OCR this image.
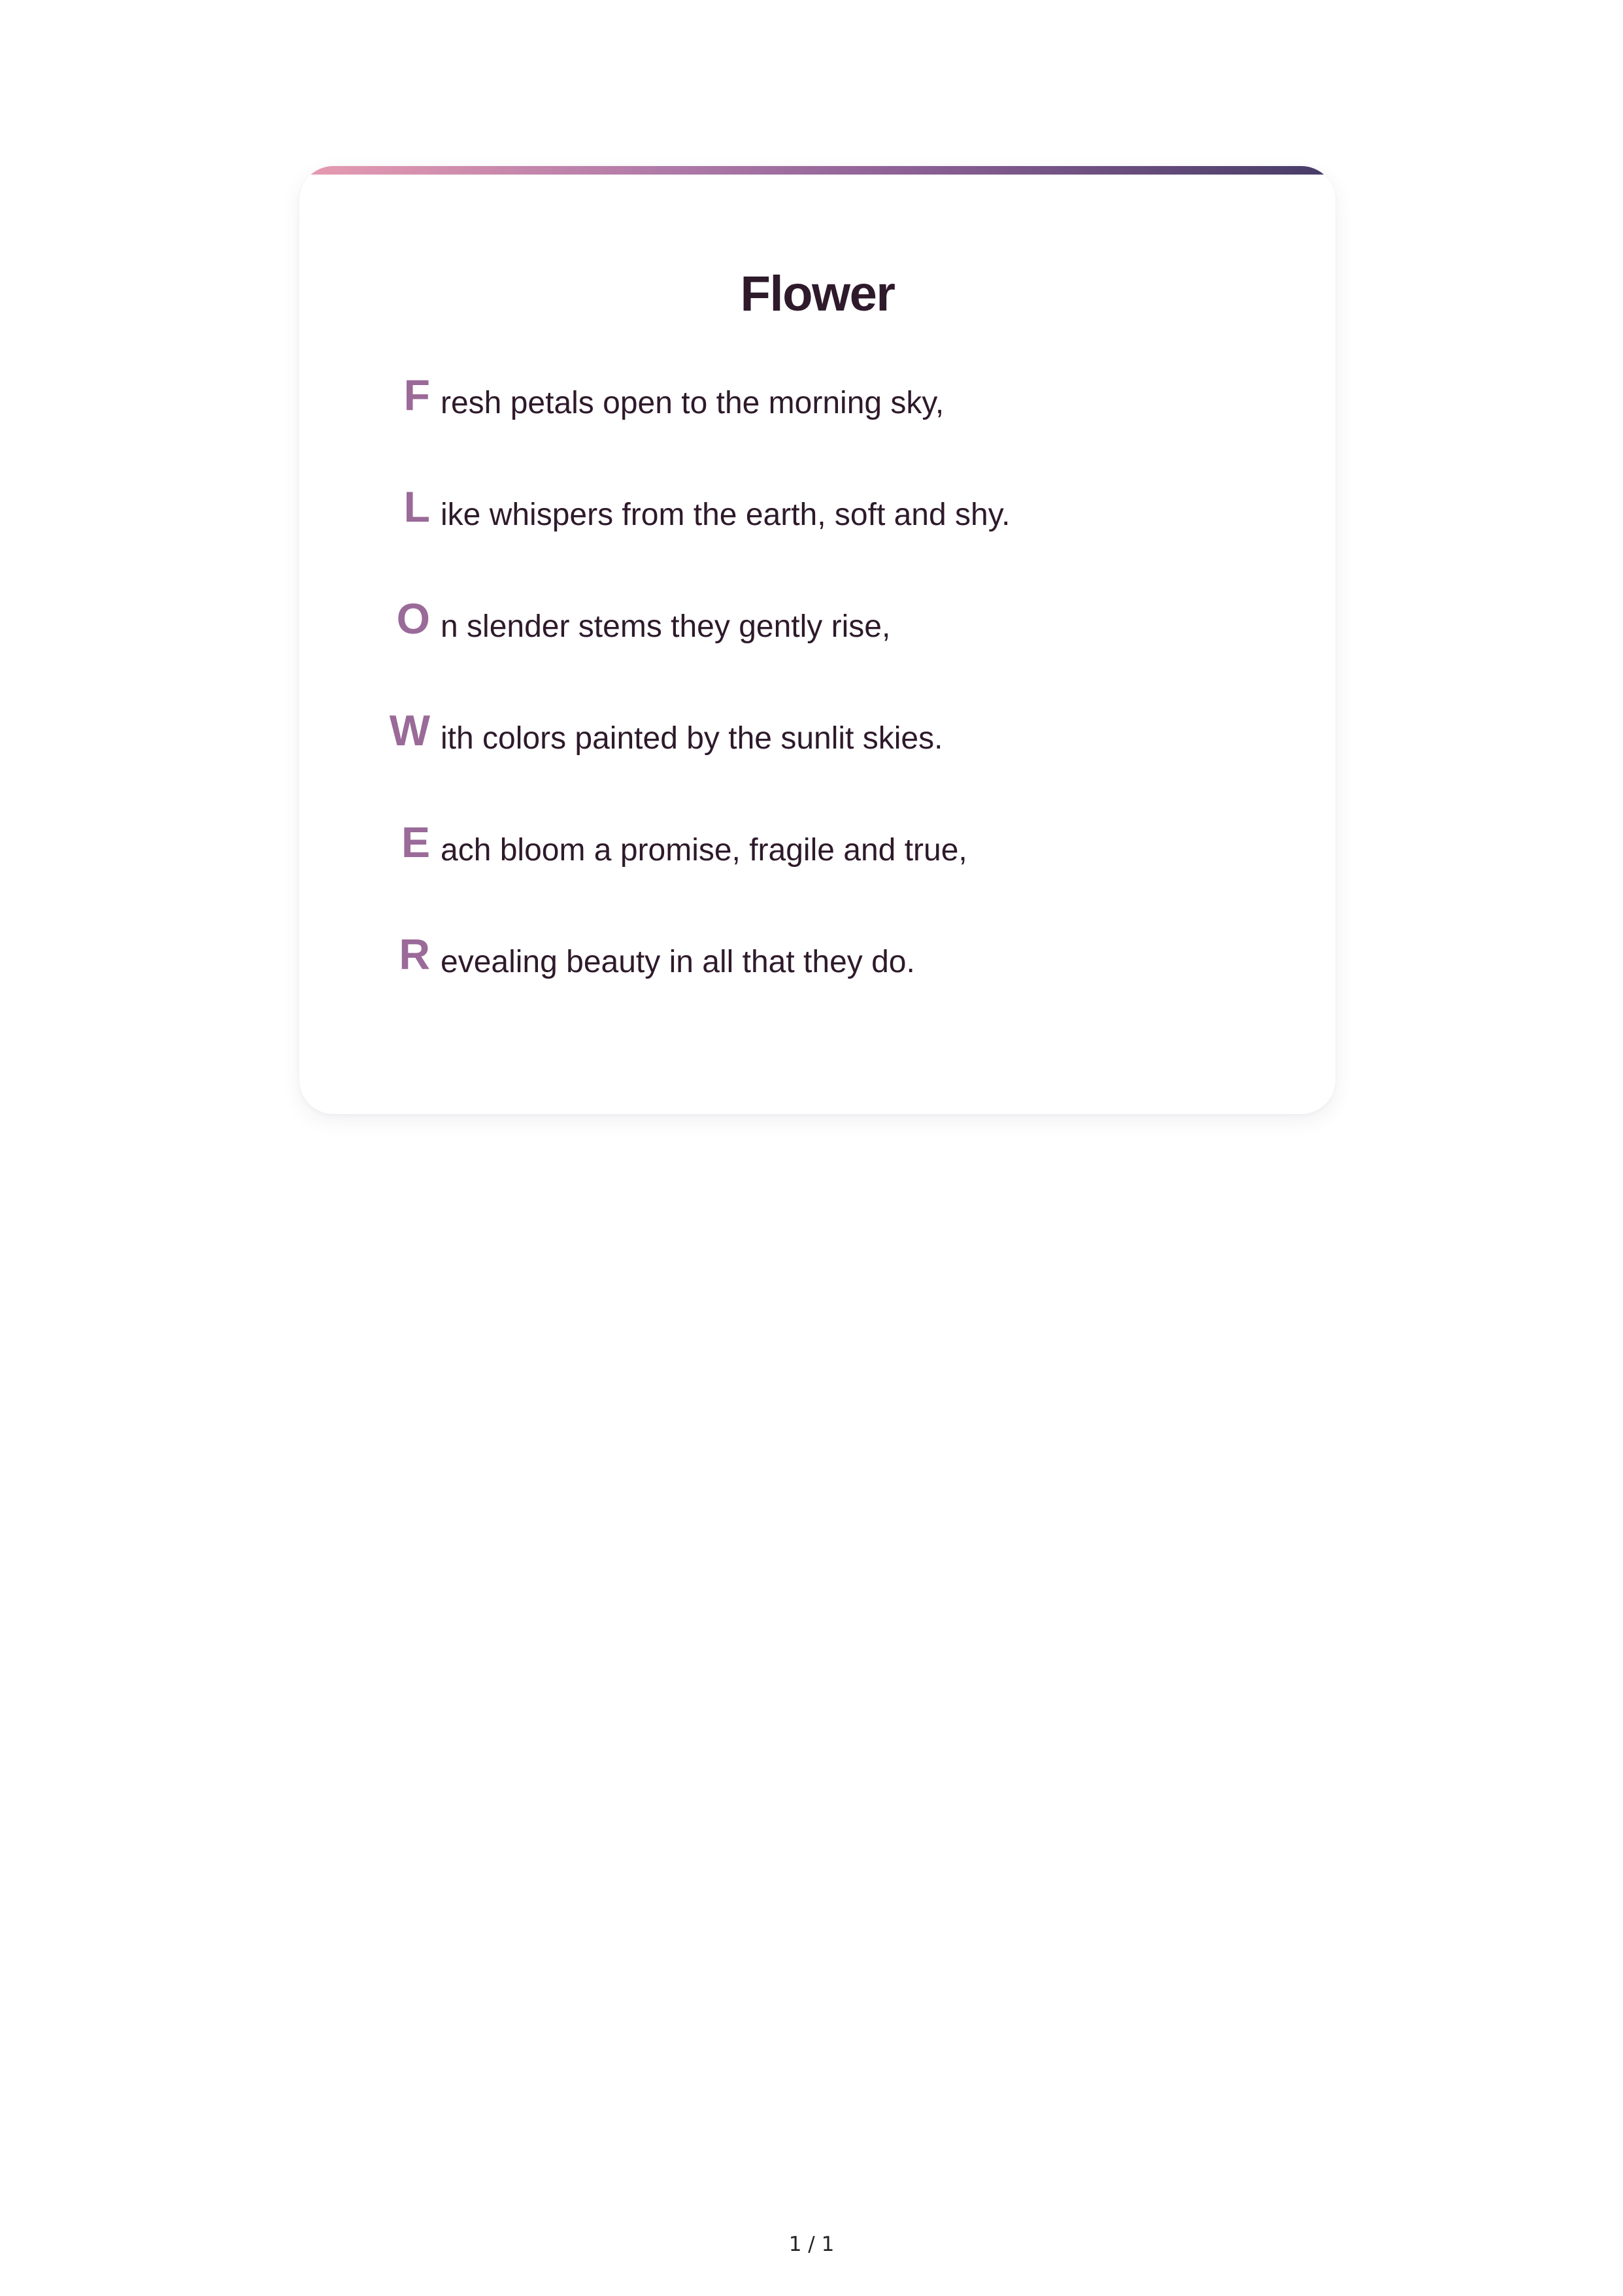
Flower
F resh petals open to the morning sky,
L ike whispers from the earth, soft and shy.
O n slender stems they gently rise,
W ith colors painted by the sunlit skies.
E ach bloom a promise, fragile and true,
R evealing beauty in all that they do.
1 / 1
